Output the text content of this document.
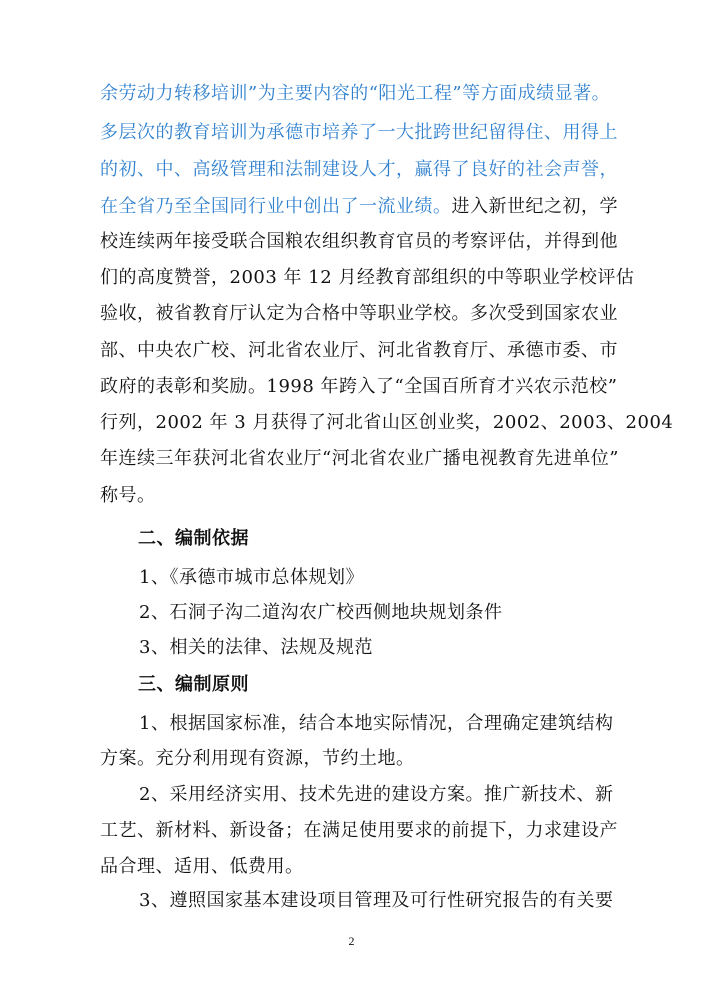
余劳动力转移培训”为主要内容的“阳光工程”等方面成绩显著。
多层次的教育培训为承德市培养了一大批跨世纪留得住、用得上
的初、中、高级管理和法制建设人才，赢得了良好的社会声誉，
在全省乃至全国同行业中创出了一流业绩。进入新世纪之初，学
校连续两年接受联合国粮农组织教育官员的考察评估，并得到他
们的高度赞誉，2003 年 12 月经教育部组织的中等职业学校评估
验收，被省教育厅认定为合格中等职业学校。多次受到国家农业
部、中央农广校、河北省农业厅、河北省教育厅、承德市委、市
政府的表彰和奖励。1998 年跨入了“全国百所育才兴农示范校”
行列，2002 年 3 月获得了河北省山区创业奖，2002、2003、2004
年连续三年获河北省农业厅“河北省农业广播电视教育先进单位”
称号。
二、编制依据
1、《承德市城市总体规划》
2、石洞子沟二道沟农广校西侧地块规划条件
3、相关的法律、法规及规范
三、编制原则
1、根据国家标准，结合本地实际情况，合理确定建筑结构
方案。充分利用现有资源，节约土地。
2、采用经济实用、技术先进的建设方案。推广新技术、新
工艺、新材料、新设备；在满足使用要求的前提下，力求建设产
品合理、适用、低费用。
3、遵照国家基本建设项目管理及可行性研究报告的有关要
2
